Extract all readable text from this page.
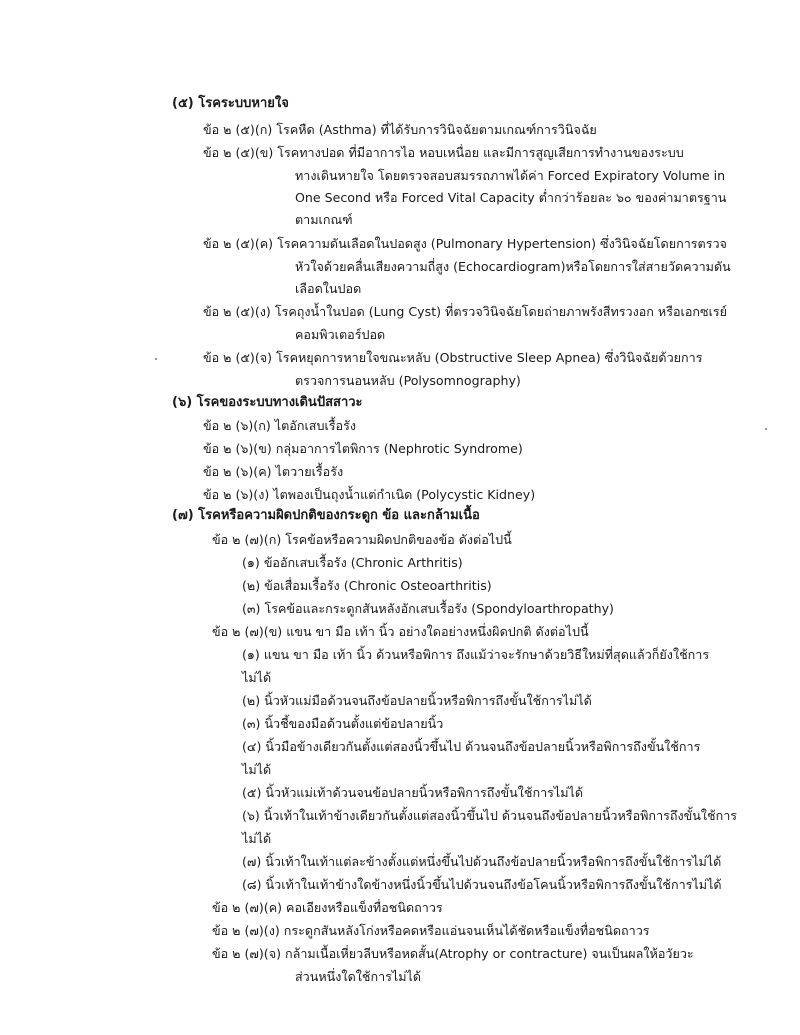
(๕) โรคระบบหายใจ

ข้อ ๒ (๕)(ก) โรคหืด (Asthma) ที่ได้รับการวินิจฉัยตามเกณฑ์การวินิจฉัย

ข้อ ๒ (๕)(ข) โรคทางปอด ที่มีอาการไอ หอบเหนื่อย และมีการสูญเสียการทำงานของระบบ

ทางเดินหายใจ โดยตรวจสอบสมรรถภาพได้ค่า Forced Expiratory Volume in

One Second หรือ Forced Vital Capacity ต่ำกว่าร้อยละ ๖๐ ของค่ามาตรฐาน

ตามเกณฑ์

ข้อ ๒ (๕)(ค) โรคความดันเลือดในปอดสูง (Pulmonary Hypertension) ซึ่งวินิจฉัยโดยการตรวจ

หัวใจด้วยคลื่นเสียงความถี่สูง (Echocardiogram)หรือโดยการใส่สายวัดความดัน

เลือดในปอด

ข้อ ๒ (๕)(ง) โรคถุงน้ำในปอด (Lung Cyst) ที่ตรวจวินิจฉัยโดยถ่ายภาพรังสีทรวงอก หรือเอกซเรย์

คอมพิวเตอร์ปอด

ข้อ ๒ (๕)(จ) โรคหยุดการหายใจขณะหลับ (Obstructive Sleep Apnea) ซึ่งวินิจฉัยด้วยการ

ตรวจการนอนหลับ (Polysomnography)

(๖) โรคของระบบทางเดินปัสสาวะ

ข้อ ๒ (๖)(ก) ไตอักเสบเรื้อรัง

ข้อ ๒ (๖)(ข) กลุ่มอาการไตพิการ (Nephrotic Syndrome)

ข้อ ๒ (๖)(ค) ไตวายเรื้อรัง

ข้อ ๒ (๖)(ง) ไตพองเป็นถุงน้ำแต่กำเนิด (Polycystic Kidney)

(๗) โรคหรือความผิดปกติของกระดูก ข้อ และกล้ามเนื้อ

ข้อ ๒ (๗)(ก) โรคข้อหรือความผิดปกติของข้อ ดังต่อไปนี้

(๑) ข้ออักเสบเรื้อรัง (Chronic Arthritis)

(๒) ข้อเสื่อมเรื้อรัง (Chronic Osteoarthritis)

(๓) โรคข้อและกระดูกสันหลังอักเสบเรื้อรัง (Spondyloarthropathy)

ข้อ ๒ (๗)(ข) แขน ขา มือ เท้า นิ้ว อย่างใดอย่างหนึ่งผิดปกติ ดังต่อไปนี้

(๑) แขน ขา มือ เท้า นิ้ว ด้วนหรือพิการ ถึงแม้ว่าจะรักษาด้วยวิธีใหม่ที่สุดแล้วก็ยังใช้การ

ไม่ได้

(๒) นิ้วหัวแม่มือด้วนจนถึงข้อปลายนิ้วหรือพิการถึงขั้นใช้การไม่ได้

(๓) นิ้วชี้ของมือด้วนตั้งแต่ข้อปลายนิ้ว

(๔) นิ้วมือข้างเดียวกันตั้งแต่สองนิ้วขึ้นไป ด้วนจนถึงข้อปลายนิ้วหรือพิการถึงขั้นใช้การ

ไม่ได้

(๕) นิ้วหัวแม่เท้าด้วนจนข้อปลายนิ้วหรือพิการถึงขั้นใช้การไม่ได้

(๖) นิ้วเท้าในเท้าข้างเดียวกันตั้งแต่สองนิ้วขึ้นไป ด้วนจนถึงข้อปลายนิ้วหรือพิการถึงขั้นใช้การ

ไม่ได้

(๗) นิ้วเท้าในเท้าแต่ละข้างตั้งแต่หนึ่งขึ้นไปด้วนถึงข้อปลายนิ้วหรือพิการถึงขั้นใช้การไม่ได้

(๘) นิ้วเท้าในเท้าข้างใดข้างหนึ่งนิ้วขึ้นไปด้วนจนถึงข้อโคนนิ้วหรือพิการถึงขั้นใช้การไม่ได้

ข้อ ๒ (๗)(ค) คอเอียงหรือแข็งทื่อชนิดถาวร

ข้อ ๒ (๗)(ง) กระดูกสันหลังโก่งหรือคดหรือแอ่นจนเห็นได้ชัดหรือแข็งทื่อชนิดถาวร

ข้อ ๒ (๗)(จ) กล้ามเนื้อเหี่ยวลีบหรือหดสั้น(Atrophy or contracture) จนเป็นผลให้อวัยวะ

ส่วนหนึ่งใดใช้การไม่ได้
